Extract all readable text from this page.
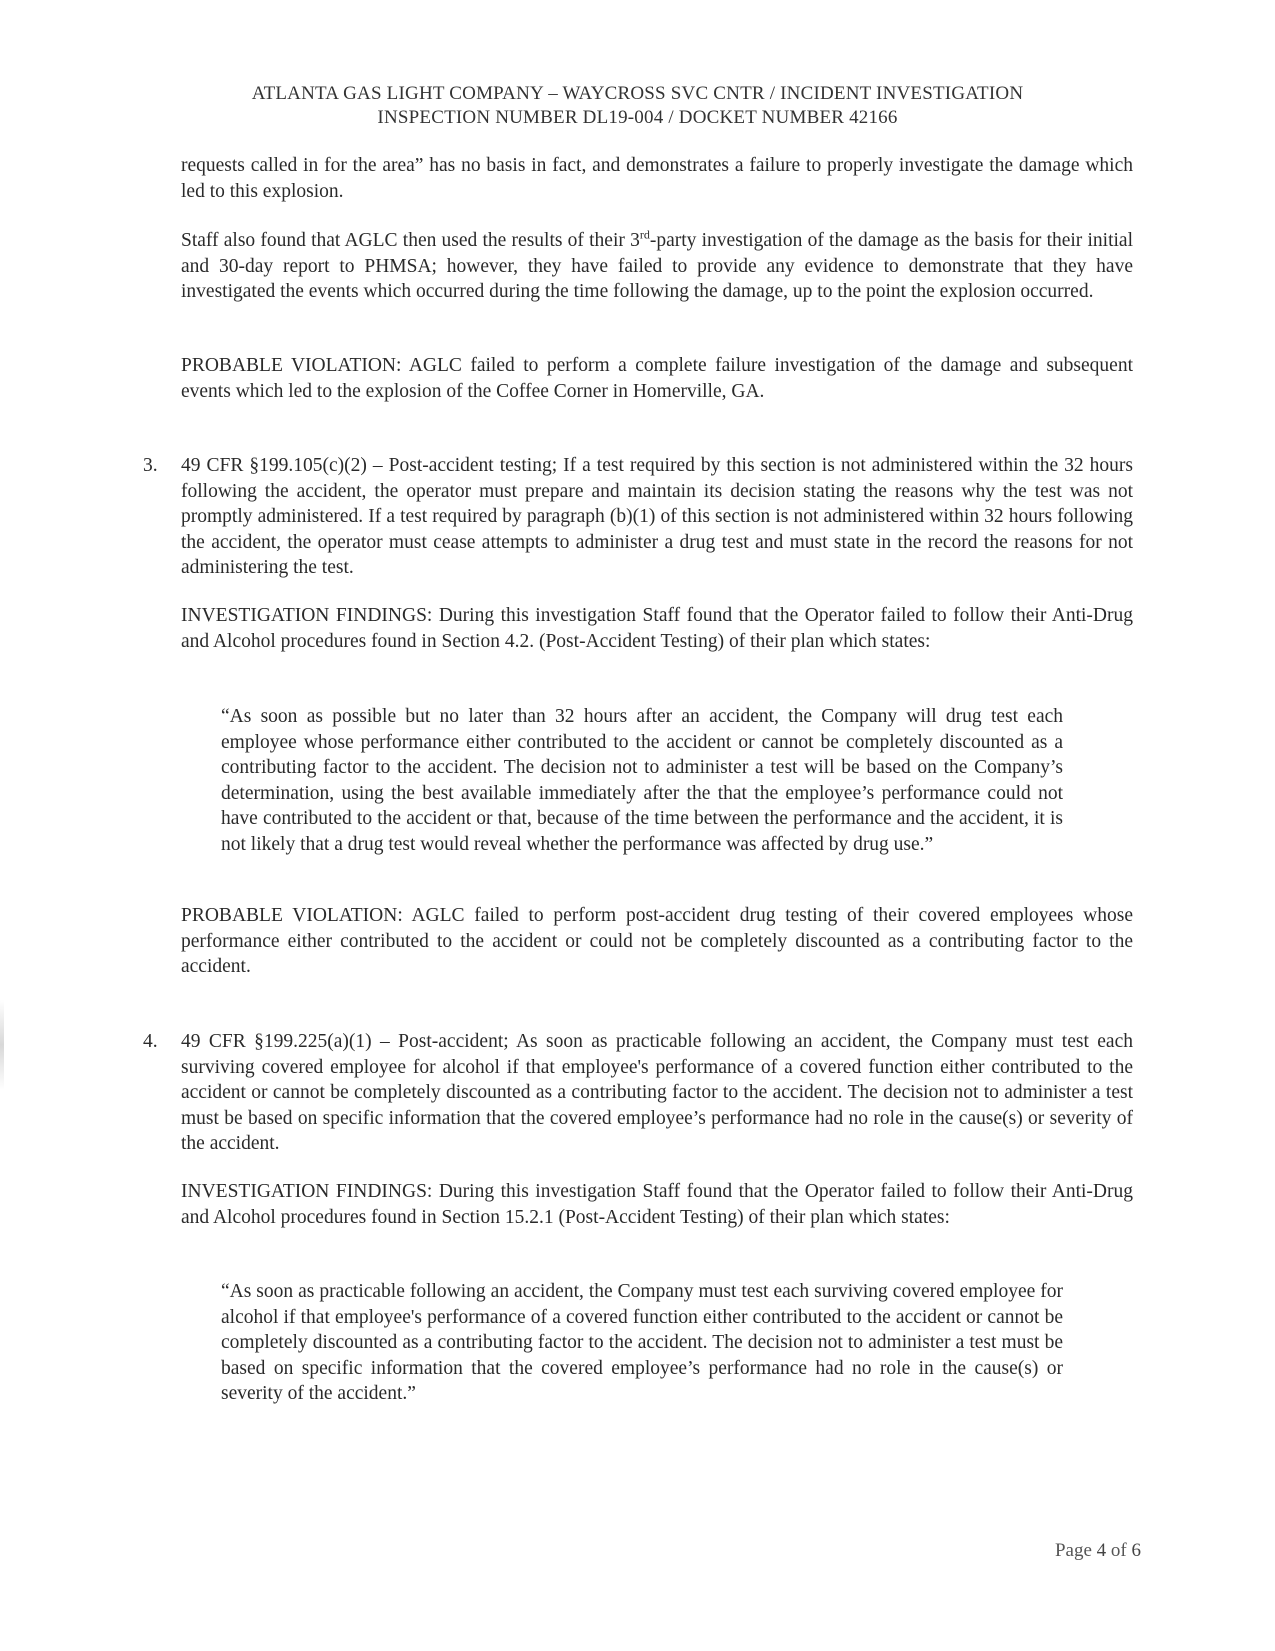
ATLANTA GAS LIGHT COMPANY – WAYCROSS SVC CNTR / INCIDENT INVESTIGATION
INSPECTION NUMBER DL19-004 / DOCKET NUMBER 42166
requests called in for the area” has no basis in fact, and demonstrates a failure to properly investigate the damage which led to this explosion.
Staff also found that AGLC then used the results of their 3rd-party investigation of the damage as the basis for their initial and 30-day report to PHMSA; however, they have failed to provide any evidence to demonstrate that they have investigated the events which occurred during the time following the damage, up to the point the explosion occurred.
PROBABLE VIOLATION: AGLC failed to perform a complete failure investigation of the damage and subsequent events which led to the explosion of the Coffee Corner in Homerville, GA.
3. 49 CFR §199.105(c)(2) – Post-accident testing; If a test required by this section is not administered within the 32 hours following the accident, the operator must prepare and maintain its decision stating the reasons why the test was not promptly administered. If a test required by paragraph (b)(1) of this section is not administered within 32 hours following the accident, the operator must cease attempts to administer a drug test and must state in the record the reasons for not administering the test.
INVESTIGATION FINDINGS: During this investigation Staff found that the Operator failed to follow their Anti-Drug and Alcohol procedures found in Section 4.2. (Post-Accident Testing) of their plan which states:
“As soon as possible but no later than 32 hours after an accident, the Company will drug test each employee whose performance either contributed to the accident or cannot be completely discounted as a contributing factor to the accident. The decision not to administer a test will be based on the Company’s determination, using the best available immediately after the that the employee’s performance could not have contributed to the accident or that, because of the time between the performance and the accident, it is not likely that a drug test would reveal whether the performance was affected by drug use.”
PROBABLE VIOLATION: AGLC failed to perform post-accident drug testing of their covered employees whose performance either contributed to the accident or could not be completely discounted as a contributing factor to the accident.
4. 49 CFR §199.225(a)(1) – Post-accident; As soon as practicable following an accident, the Company must test each surviving covered employee for alcohol if that employee's performance of a covered function either contributed to the accident or cannot be completely discounted as a contributing factor to the accident. The decision not to administer a test must be based on specific information that the covered employee’s performance had no role in the cause(s) or severity of the accident.
INVESTIGATION FINDINGS: During this investigation Staff found that the Operator failed to follow their Anti-Drug and Alcohol procedures found in Section 15.2.1 (Post-Accident Testing) of their plan which states:
“As soon as practicable following an accident, the Company must test each surviving covered employee for alcohol if that employee's performance of a covered function either contributed to the accident or cannot be completely discounted as a contributing factor to the accident. The decision not to administer a test must be based on specific information that the covered employee’s performance had no role in the cause(s) or severity of the accident.”
Page 4 of 6
